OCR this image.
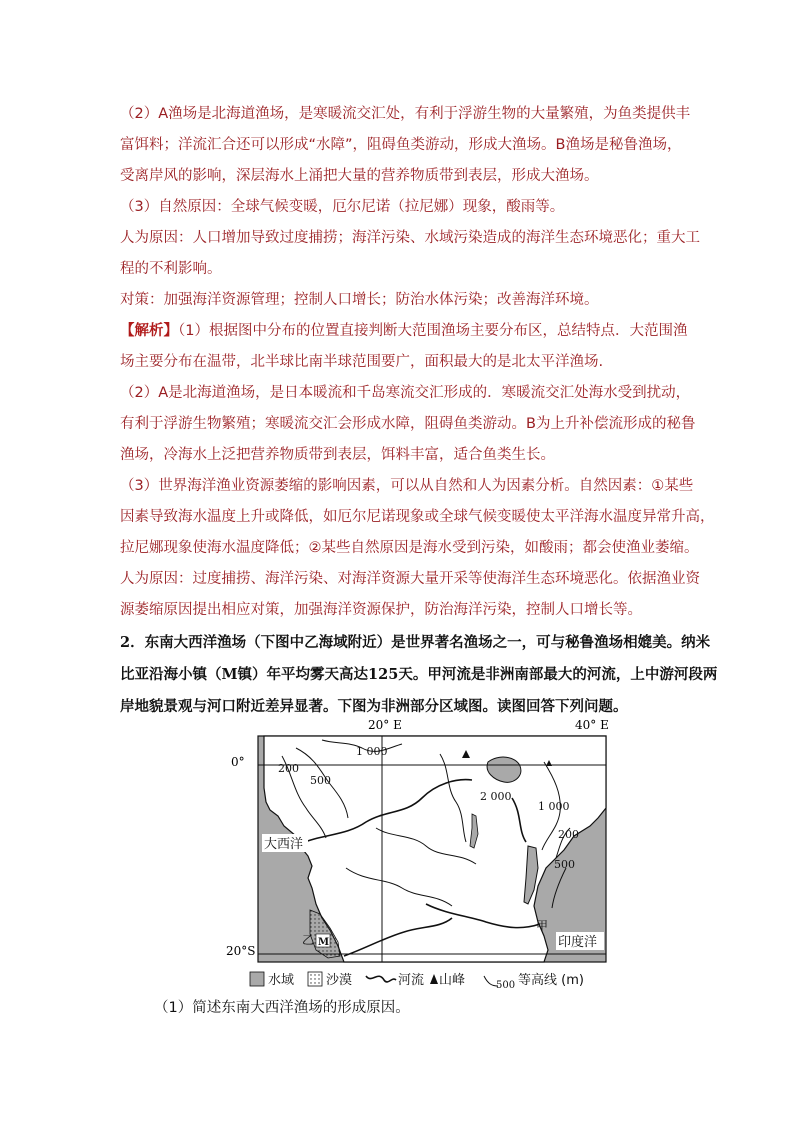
（2）A渔场是北海道渔场，是寒暖流交汇处，有利于浮游生物的大量繁殖，为鱼类提供丰

富饵料；洋流汇合还可以形成“水障”，阻碍鱼类游动，形成大渔场。B渔场是秘鲁渔场，

受离岸风的影响，深层海水上涌把大量的营养物质带到表层，形成大渔场。

（3）自然原因：全球气候变暖，厄尔尼诺（拉尼娜）现象，酸雨等。

人为原因：人口增加导致过度捕捞；海洋污染、水域污染造成的海洋生态环境恶化；重大工

程的不利影响。

对策：加强海洋资源管理；控制人口增长；防治水体污染；改善海洋环境。

【解析】（1）根据图中分布的位置直接判断大范围渔场主要分布区，总结特点．大范围渔

场主要分布在温带，北半球比南半球范围要广，面积最大的是北太平洋渔场.

（2）A是北海道渔场，是日本暖流和千岛寒流交汇形成的．寒暖流交汇处海水受到扰动，

有利于浮游生物繁殖；寒暖流交汇会形成水障，阻碍鱼类游动。B为上升补偿流形成的秘鲁

渔场，冷海水上泛把营养物质带到表层，饵料丰富，适合鱼类生长。

（3）世界海洋渔业资源萎缩的影响因素，可以从自然和人为因素分析。自然因素：①某些

因素导致海水温度上升或降低，如厄尔尼诺现象或全球气候变暖使太平洋海水温度异常升高，

拉尼娜现象使海水温度降低；②某些自然原因是海水受到污染，如酸雨；都会使渔业萎缩。

人为原因：过度捕捞、海洋污染、对海洋资源大量开采等使海洋生态环境恶化。依据渔业资

源萎缩原因提出相应对策，加强海洋资源保护，防治海洋污染，控制人口增长等。

2．东南大西洋渔场（下图中乙海域附近）是世界著名渔场之一，可与秘鲁渔场相媲美。纳米

比亚沿海小镇（M镇）年平均雾天高达125天。甲河流是非洲南部最大的河流，上中游河段两

岸地貌景观与河口附近差异显著。下图为非洲部分区域图。读图回答下列问题。

20° E	40° E
0°
20°S
200
500
1 000
2 000
1 000
200
500
大西洋
印度洋
乙 M
甲
水域 沙漠	河流 山峰	500 等高线 (m)
（1）简述东南大西洋渔场的形成原因。
